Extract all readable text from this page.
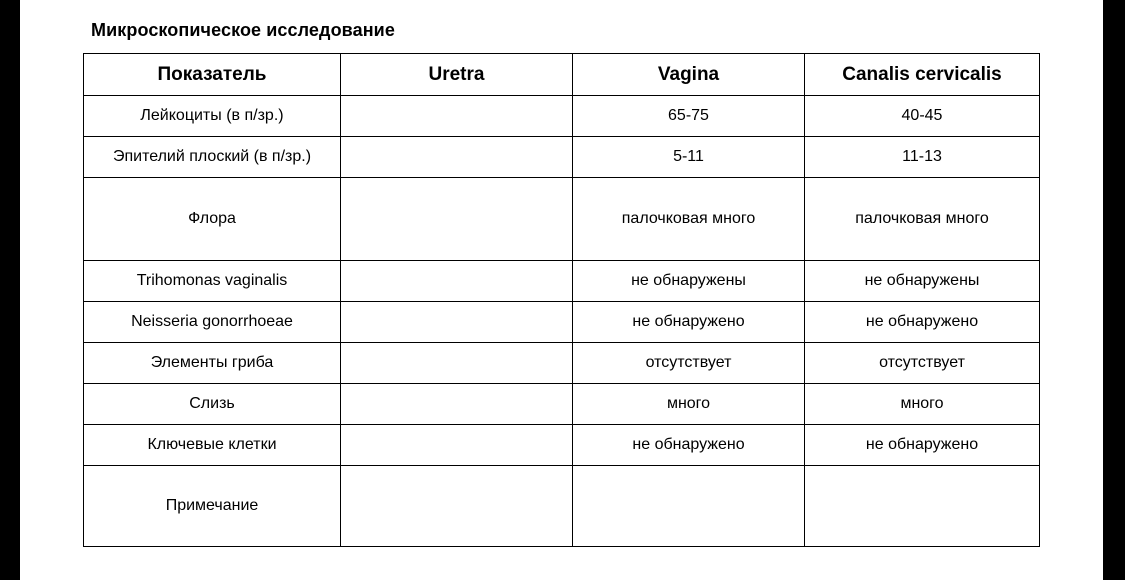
Микроскопическое исследование
Показатель	Uretra	Vagina	Canalis cervicalis
Лейкоциты (в п/зр.)		65-75	40-45
Эпителий плоский (в п/зр.)		5-11	11-13
Флора		палочковая много	палочковая много
Trihomonas vaginalis		не обнаружены	не обнаружены
Neisseria gonorrhoeae		не обнаружено	не обнаружено
Элементы гриба		отсутствует	отсутствует
Слизь		много	много
Ключевые клетки		не обнаружено	не обнаружено
Примечание			
